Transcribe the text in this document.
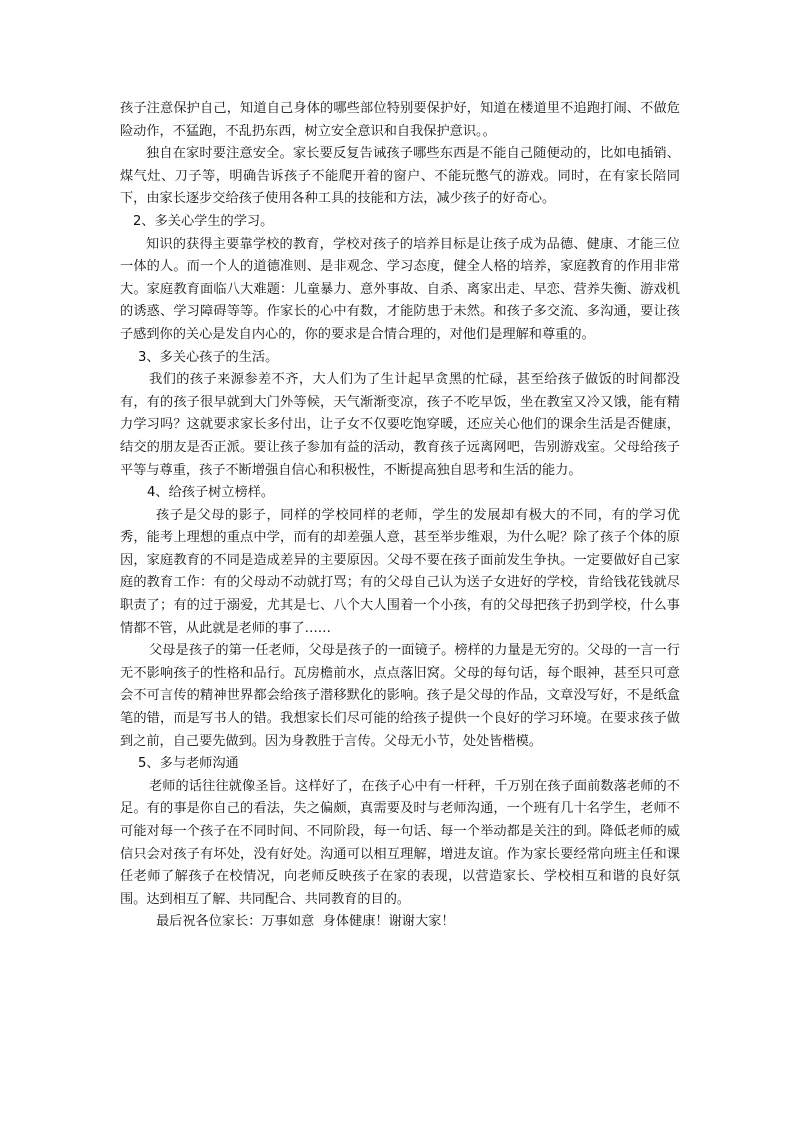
孩子注意保护自己，知道自己身体的哪些部位特别要保护好，知道在楼道里不追跑打闹、不做危险动作，不猛跑，不乱扔东西，树立安全意识和自我保护意识。。

独自在家时要注意安全。家长要反复告诫孩子哪些东西是不能自己随便动的，比如电插销、煤气灶、刀子等，明确告诉孩子不能爬开着的窗户、不能玩憋气的游戏。同时，在有家长陪同下，由家长逐步交给孩子使用各种工具的技能和方法，减少孩子的好奇心。

2、多关心学生的学习。

知识的获得主要靠学校的教育，学校对孩子的培养目标是让孩子成为品德、健康、才能三位一体的人。而一个人的道德准则、是非观念、学习态度，健全人格的培养，家庭教育的作用非常大。家庭教育面临八大难题：儿童暴力、意外事故、自杀、离家出走、早恋、营养失衡、游戏机的诱惑、学习障碍等等。作家长的心中有数，才能防患于未然。和孩子多交流、多沟通，要让孩子感到你的关心是发自内心的，你的要求是合情合理的，对他们是理解和尊重的。

3、多关心孩子的生活。

我们的孩子来源参差不齐，大人们为了生计起早贪黑的忙碌，甚至给孩子做饭的时间都没有，有的孩子很早就到大门外等候，天气渐渐变凉，孩子不吃早饭，坐在教室又冷又饿，能有精力学习吗？这就要求家长多付出，让子女不仅要吃饱穿暖，还应关心他们的课余生活是否健康，结交的朋友是否正派。要让孩子参加有益的活动，教育孩子远离网吧，告别游戏室。父母给孩子平等与尊重，孩子不断增强自信心和积极性，不断提高独自思考和生活的能力。

4、给孩子树立榜样。

孩子是父母的影子，同样的学校同样的老师，学生的发展却有极大的不同，有的学习优秀，能考上理想的重点中学，而有的却差强人意，甚至举步维艰，为什么呢？除了孩子个体的原因，家庭教育的不同是造成差异的主要原因。父母不要在孩子面前发生争执。一定要做好自己家庭的教育工作：有的父母动不动就打骂；有的父母自己认为送子女进好的学校，肯给钱花钱就尽职责了；有的过于溺爱，尤其是七、八个大人围着一个小孩，有的父母把孩子扔到学校，什么事情都不管，从此就是老师的事了……

父母是孩子的第一任老师，父母是孩子的一面镜子。榜样的力量是无穷的。父母的一言一行无不影响孩子的性格和品行。瓦房檐前水，点点落旧窝。父母的每句话，每个眼神，甚至只可意会不可言传的精神世界都会给孩子潜移默化的影响。孩子是父母的作品，文章没写好，不是纸盒笔的错，而是写书人的错。我想家长们尽可能的给孩子提供一个良好的学习环境。在要求孩子做到之前，自己要先做到。因为身教胜于言传。父母无小节，处处皆楷模。

5、多与老师沟通

老师的话往往就像圣旨。这样好了，在孩子心中有一杆秤，千万别在孩子面前数落老师的不足。有的事是你自己的看法，失之偏颇，真需要及时与老师沟通，一个班有几十名学生，老师不可能对每一个孩子在不同时间、不同阶段，每一句话、每一个举动都是关注的到。降低老师的威信只会对孩子有坏处，没有好处。沟通可以相互理解，增进友谊。作为家长要经常向班主任和课任老师了解孩子在校情况，向老师反映孩子在家的表现，以营造家长、学校相互和谐的良好氛围。达到相互了解、共同配合、共同教育的目的。

最后祝各位家长：万事如意  身体健康！谢谢大家！
